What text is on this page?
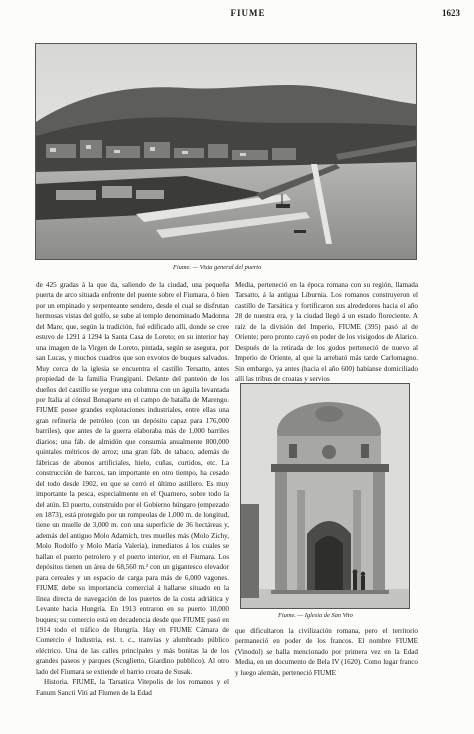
FIUME	1623
Fiume. — Vista general del puerto

de 425 gradas á la que da, saliendo de la ciudad, una pequeña puerta de arco situada enfrente del puente sobre el Fiumara, ó bien por un empinado y serpenteante sendero, desde el cual se disfrutan hermosas vistas del golfo, se sube al templo denominado Madonna del Mare, que, según la tradición, fué edificado allí, donde se cree estuvo de 1291 á 1294 la Santa Casa de Loreto; en su interior hay una imagen de la Virgen de Loreto, pintada, según se asegura, por san Lucas, y muchos cuadros que son exvotos de buques salvados. Muy cerca de la iglesia se encuentra el castillo Tersatto, antes propiedad de la familia Frangipani. Delante del panteón de los dueños del castillo se yergue una columna con un águila levantada por Italia al cónsul Bonaparte en el campo de batalla de Marengo. FIUME posee grandes explotaciones industriales, entre ellas una gran refinería de petróleo (con un depósito capaz para 176,000 barriles), que antes de la guerra elaboraba más de 1,000 barriles diarios; una fáb. de almidón que consumía anualmente 800,000 quintales métricos de arroz; una gran fáb. de tabaco, además de fábricas de abonos artificiales, hielo, cuñas, curtidos, etc. La construcción de barcos, tan importante en otro tiempo, ha cesado del todo desde 1902, en que se cerró el último astillero. Es muy importante la pesca, especialmente en el Quarnero, sobre todo la del atún. El puerto, construído por el Gobierno húngaro (empezado en 1873), está protegido por un rompeolas de 1,000 m. de longitud, tiene un muelle de 3,000 m. con una superficie de 36 hectáreas y, además del antiguo Molo Adamich, tres muelles más (Molo Zichy, Molo Rodolfo y Molo María Valeria), inmediatos á los cuales se hallan el puerto petrolero y el puerto interior, en el Fiumara. Los depósitos tienen un área de 68,560 m.² con un gigantesco elevador para cereales y un espacio de carga para más de 6,000 vagones. FIUME debe su importancia comercial á hallarse situado en la línea directa de navegación de los puertos de la costa adriática y Levante hacia Hungría. En 1913 entraron en su puerto 10,000 buques; su comercio está en decadencia desde que FIUME pasó en 1914 todo el tráfico de Hungría. Hay en FIUME Cámara de Comercio é Industria, est. t. c., tranvías y alumbrado público eléctrico. Una de las calles principales y más bonitas la de los grandes paseos y parques (Scoglietto, Giardino pubblico). Al otro lado del Fiumara se extiende el barrio croata de Susak.

Historia. FIUME, la Tarsatica Vitepolis de los romanos y el Fanum Sancti Viti ad Flumen de la Edad

Media, perteneció en la época romana con su región, llamada Tarsatto, á la antigua Liburnia. Los romanos construyeron el castillo de Tarsática y fortificaron sus alrededores hacia el año 28 de nuestra era, y la ciudad llegó á un estado floreciente. A raíz de la división del Imperio, FIUME (395) pasó al de Oriente; pero pronto cayó en poder de los visigodos de Alarico. Después de la retirada de los godos perteneció de nuevo al Imperio de Oriente, al que la arrebató más tarde Carlomagno. Sin embargo, ya antes (hacia el año 600) habíanse domiciliado allí las tribus de croatas y servios

Fiume. — Iglesia de San Vito

que dificultaron la civilización romana, pero el territorio permaneció en poder de los francos. El nombre FIUME (Vinodol) se halla mencionado por primera vez en la Edad Media, en un documento de Bela IV (1620). Como lugar franco y luego alemán, perteneció FIUME
